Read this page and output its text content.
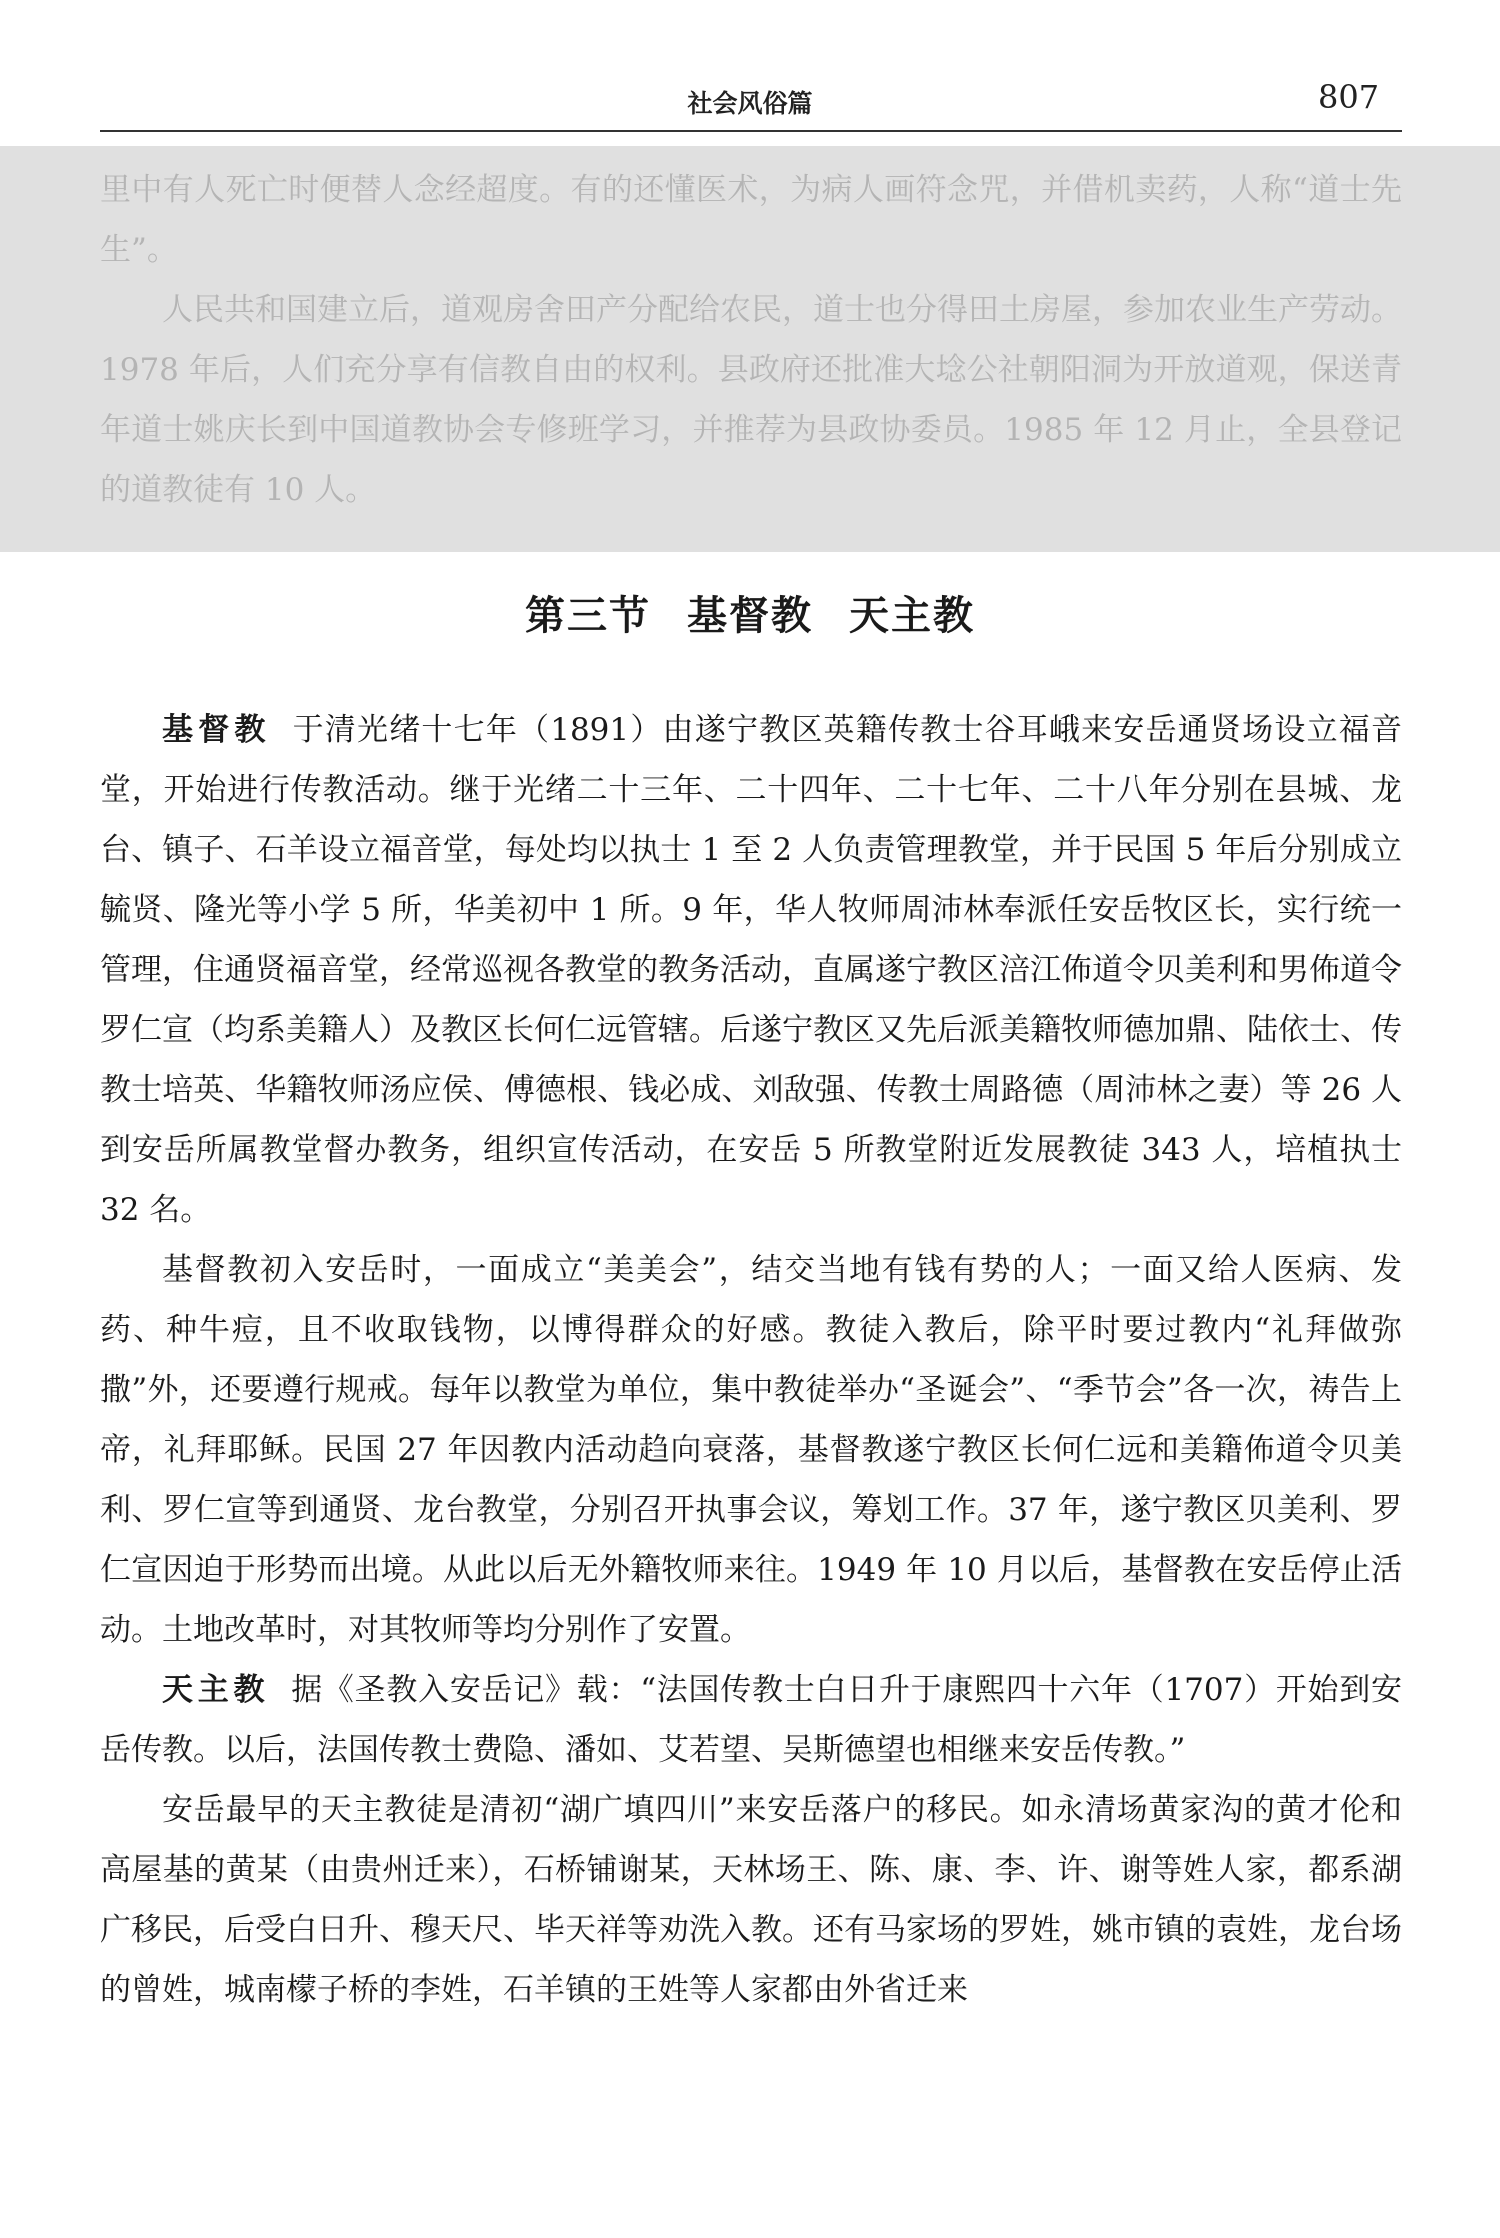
社会风俗篇	807

里中有人死亡时便替人念经超度。有的还懂医术，为病人画符念咒，并借机卖药，人称“道士先生”。

人民共和国建立后，道观房舍田产分配给农民，道士也分得田土房屋，参加农业生产劳动。1978 年后，人们充分享有信教自由的权利。县政府还批准大埝公社朝阳洞为开放道观，保送青年道士姚庆长到中国道教协会专修班学习，并推荐为县政协委员。1985 年 12 月止，全县登记的道教徒有 10 人。

第三节 基督教 天主教

基督教 于清光绪十七年（1891）由遂宁教区英籍传教士谷耳峨来安岳通贤场设立福音堂，开始进行传教活动。继于光绪二十三年、二十四年、二十七年、二十八年分别在县城、龙台、镇子、石羊设立福音堂，每处均以执士 1 至 2 人负责管理教堂，并于民国 5 年后分别成立毓贤、隆光等小学 5 所，华美初中 1 所。9 年，华人牧师周沛林奉派任安岳牧区长，实行统一管理，住通贤福音堂，经常巡视各教堂的教务活动，直属遂宁教区涪江佈道令贝美利和男佈道令罗仁宣（均系美籍人）及教区长何仁远管辖。后遂宁教区又先后派美籍牧师德加鼎、陆依士、传教士培英、华籍牧师汤应侯、傅德根、钱必成、刘敌强、传教士周路德（周沛林之妻）等 26 人到安岳所属教堂督办教务，组织宣传活动，在安岳 5 所教堂附近发展教徒 343 人，培植执士 32 名。

基督教初入安岳时，一面成立“美美会”，结交当地有钱有势的人；一面又给人医病、发药、种牛痘，且不收取钱物，以博得群众的好感。教徒入教后，除平时要过教内“礼拜做弥撒”外，还要遵行规戒。每年以教堂为单位，集中教徒举办“圣诞会”、“季节会”各一次，祷告上帝，礼拜耶稣。民国 27 年因教内活动趋向衰落，基督教遂宁教区长何仁远和美籍佈道令贝美利、罗仁宣等到通贤、龙台教堂，分别召开执事会议，筹划工作。37 年，遂宁教区贝美利、罗仁宣因迫于形势而出境。从此以后无外籍牧师来往。1949 年 10 月以后，基督教在安岳停止活动。土地改革时，对其牧师等均分别作了安置。

天主教 据《圣教入安岳记》载：“法国传教士白日升于康熙四十六年（1707）开始到安岳传教。以后，法国传教士费隐、潘如、艾若望、吴斯德望也相继来安岳传教。”

安岳最早的天主教徒是清初“湖广填四川”来安岳落户的移民。如永清场黄家沟的黄才伦和高屋基的黄某（由贵州迁来），石桥铺谢某，天林场王、陈、康、李、许、谢等姓人家，都系湖广移民，后受白日升、穆天尺、毕天祥等劝洗入教。还有马家场的罗姓，姚市镇的袁姓，龙台场的曾姓，城南檬子桥的李姓，石羊镇的王姓等人家都由外省迁来
